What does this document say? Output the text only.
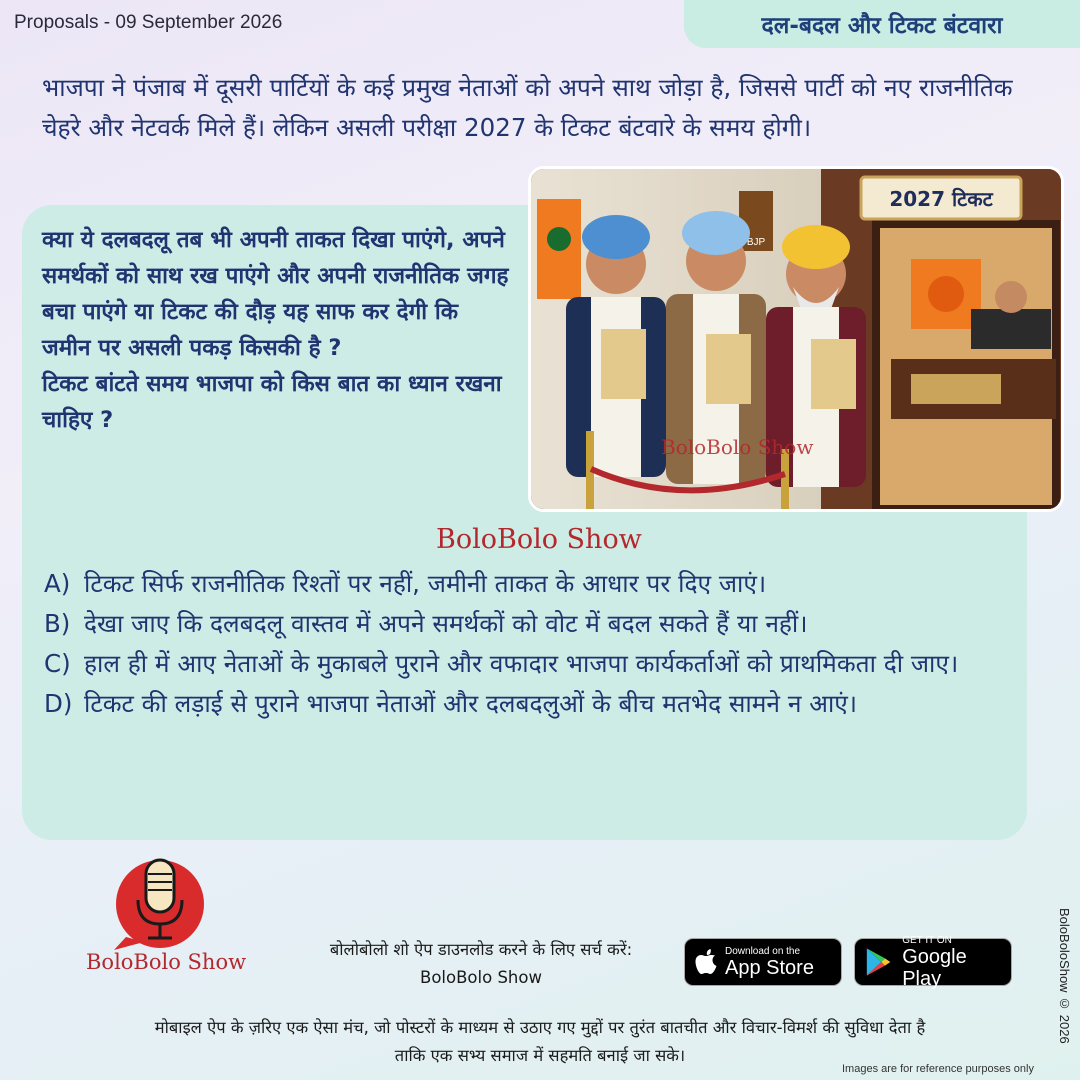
Proposals - 09 September 2026	दल-बदल और टिकट बंटवारा
भाजपा ने पंजाब में दूसरी पार्टियों के कई प्रमुख नेताओं को अपने साथ जोड़ा है, जिससे पार्टी को नए राजनीतिक चेहरे और नेटवर्क मिले हैं। लेकिन असली परीक्षा 2027 के टिकट बंटवारे के समय होगी।
क्या ये दलबदलू तब भी अपनी ताकत दिखा पाएंगे, अपने समर्थकों को साथ रख पाएंगे और अपनी राजनीतिक जगह बचा पाएंगे या टिकट की दौड़ यह साफ कर देगी कि जमीन पर असली पकड़ किसकी है ?
टिकट बांटते समय भाजपा को किस बात का ध्यान रखना चाहिए ?
2027 टिकट
BJP
BoloBolo Show
BoloBolo Show
A) टिकट सिर्फ राजनीतिक रिश्तों पर नहीं, जमीनी ताकत के आधार पर दिए जाएं।
B) देखा जाए कि दलबदलू वास्तव में अपने समर्थकों को वोट में बदल सकते हैं या नहीं।
C) हाल ही में आए नेताओं के मुकाबले पुराने और वफादार भाजपा कार्यकर्ताओं को प्राथमिकता दी जाए।
D) टिकट की लड़ाई से पुराने भाजपा नेताओं और दलबदलुओं के बीच मतभेद सामने न आएं।
BoloBolo Show
बोलोबोलो शो ऐप डाउनलोड करने के लिए सर्च करें:
BoloBolo Show
Download on the
App Store
GET IT ON
Google Play
मोबाइल ऐप के ज़रिए एक ऐसा मंच, जो पोस्टरों के माध्यम से उठाए गए मुद्दों पर तुरंत बातचीत और विचार-विमर्श की सुविधा देता है
ताकि एक सभ्य समाज में सहमति बनाई जा सके।
BoloBoloShow © 2026
Images are for reference purposes only
